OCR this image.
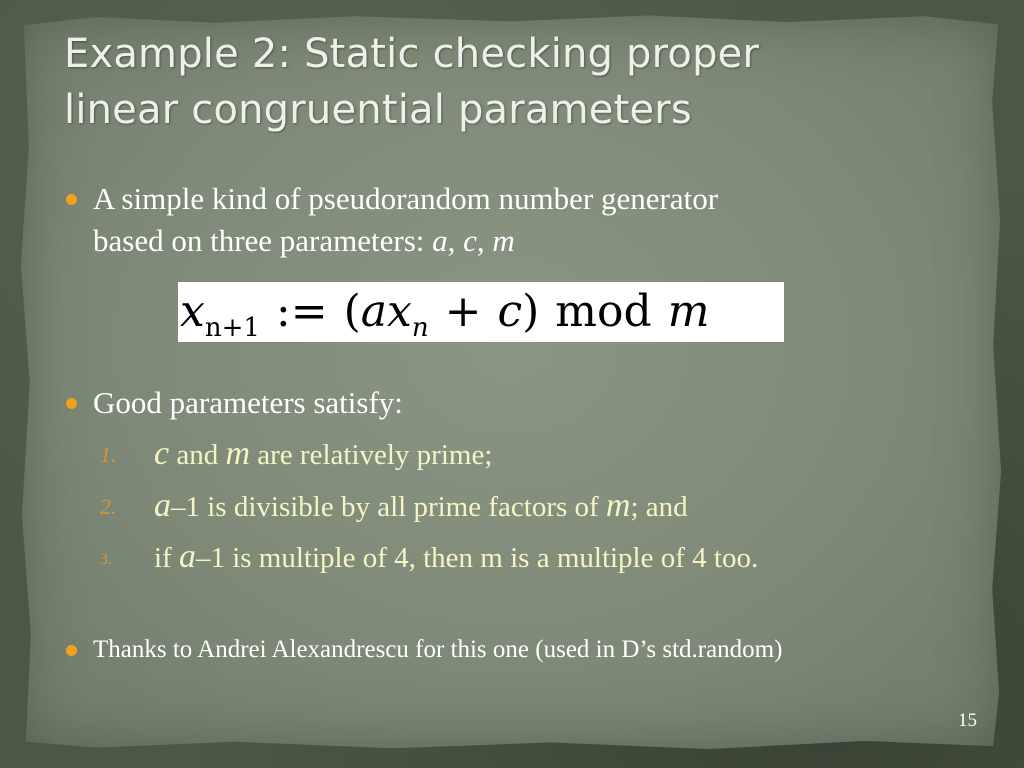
Example 2: Static checking proper
linear congruential parameters
A simple kind of pseudorandom number generator
based on three parameters: a, c, m
$x_{n+1}$ := $(ax_n + c)$ mod m
Good parameters satisfy:
1.	c and m are relatively prime;
2.	a–1 is divisible by all prime factors of m; and
3.	if a–1 is multiple of 4, then m is a multiple of 4 too.
Thanks to Andrei Alexandrescu for this one (used in D’s std.random)
15
